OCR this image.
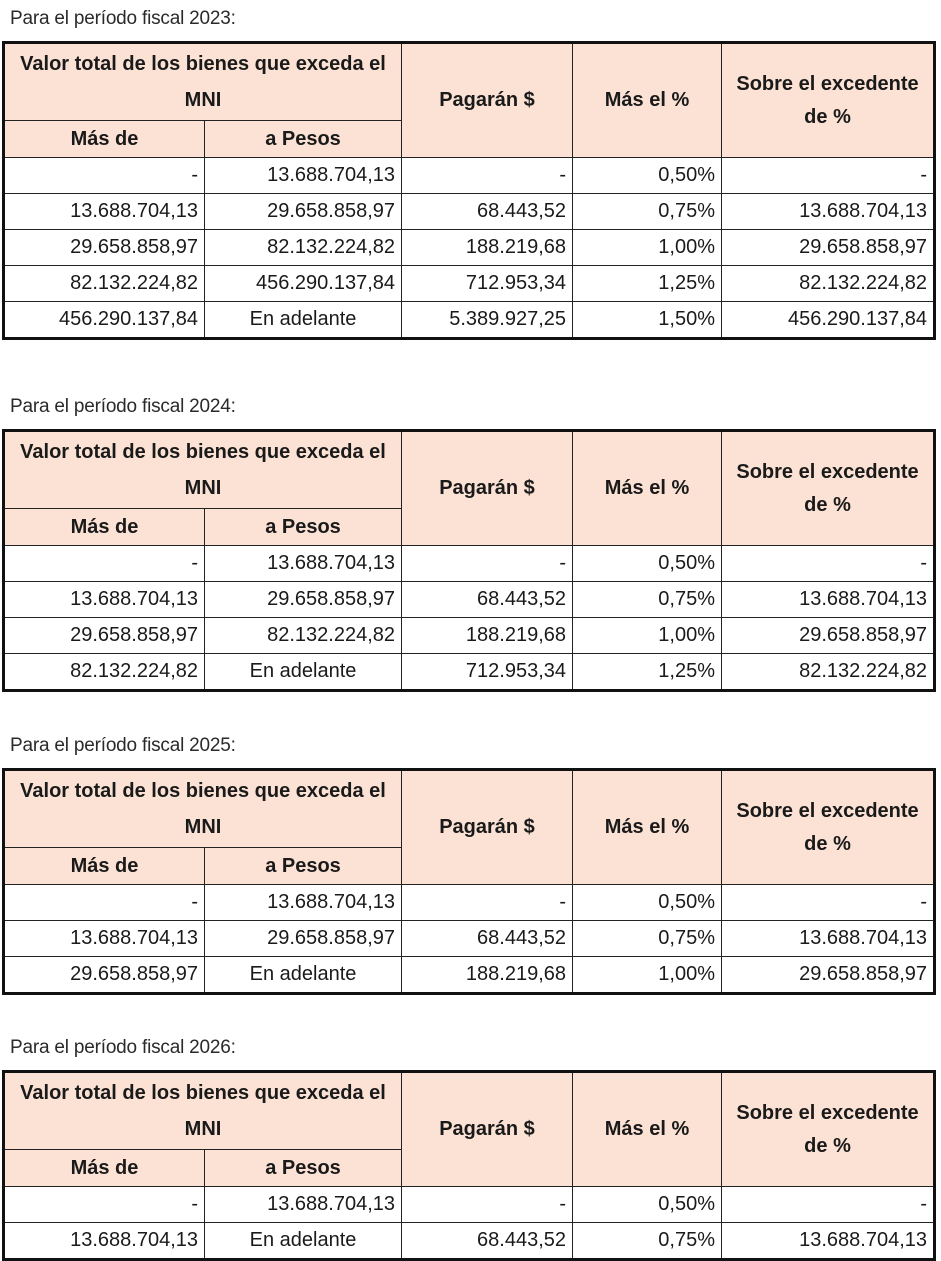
Para el período fiscal 2023:
Valor total de los bienes que exceda el MNI		Pagarán $	Más el %	Sobre el excedente de %
Más de	a Pesos			
-	13.688.704,13	-	0,50%	-
13.688.704,13	29.658.858,97	68.443,52	0,75%	13.688.704,13
29.658.858,97	82.132.224,82	188.219,68	1,00%	29.658.858,97
82.132.224,82	456.290.137,84	712.953,34	1,25%	82.132.224,82
456.290.137,84	En adelante	5.389.927,25	1,50%	456.290.137,84
Para el período fiscal 2024:
Valor total de los bienes que exceda el MNI		Pagarán $	Más el %	Sobre el excedente de %
Más de	a Pesos			
-	13.688.704,13	-	0,50%	-
13.688.704,13	29.658.858,97	68.443,52	0,75%	13.688.704,13
29.658.858,97	82.132.224,82	188.219,68	1,00%	29.658.858,97
82.132.224,82	En adelante	712.953,34	1,25%	82.132.224,82
Para el período fiscal 2025:
Valor total de los bienes que exceda el MNI		Pagarán $	Más el %	Sobre el excedente de %
Más de	a Pesos			
-	13.688.704,13	-	0,50%	-
13.688.704,13	29.658.858,97	68.443,52	0,75%	13.688.704,13
29.658.858,97	En adelante	188.219,68	1,00%	29.658.858,97
Para el período fiscal 2026:
Valor total de los bienes que exceda el MNI		Pagarán $	Más el %	Sobre el excedente de %
Más de	a Pesos			
-	13.688.704,13	-	0,50%	-
13.688.704,13	En adelante	68.443,52	0,75%	13.688.704,13
